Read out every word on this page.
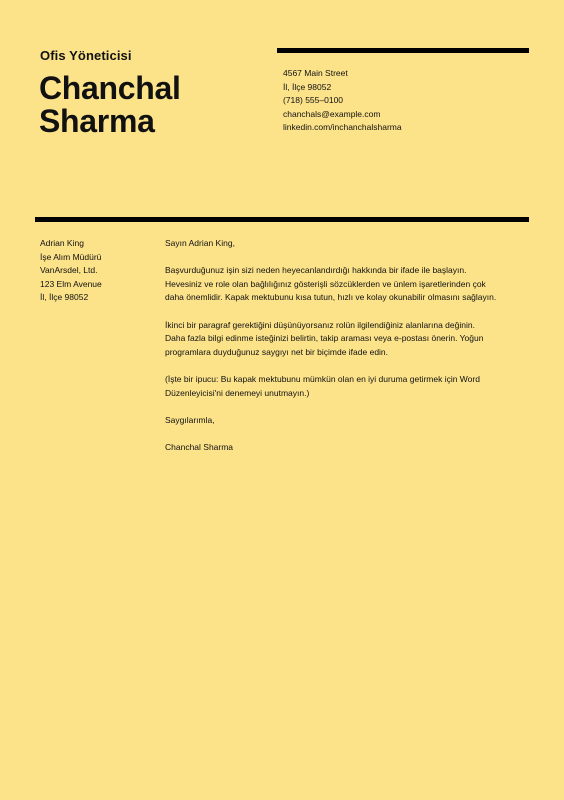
Ofis Yöneticisi
Chanchal
Sharma
4567 Main Street
İl, İlçe 98052
(718) 555–0100
chanchals@example.com
linkedin.com/inchanchalsharma
Adrian King
İşe Alım Müdürü
VanArsdel, Ltd.
123 Elm Avenue
İl, İlçe 98052

Sayın Adrian King,

Başvurduğunuz işin sizi neden heyecanlandırdığı hakkında bir ifade ile başlayın.
Hevesiniz ve role olan bağlılığınız gösterişli sözcüklerden ve ünlem işaretlerinden çok
daha önemlidir. Kapak mektubunu kısa tutun, hızlı ve kolay okunabilir olmasını sağlayın.

İkinci bir paragraf gerektiğini düşünüyorsanız rolün ilgilendiğiniz alanlarına değinin.
Daha fazla bilgi edinme isteğinizi belirtin, takip araması veya e-postası önerin. Yoğun
programlara duyduğunuz saygıyı net bir biçimde ifade edin.

(İşte bir ipucu: Bu kapak mektubunu mümkün olan en iyi duruma getirmek için Word
Düzenleyicisi'ni denemeyi unutmayın.)

Saygılarımla,

Chanchal Sharma
